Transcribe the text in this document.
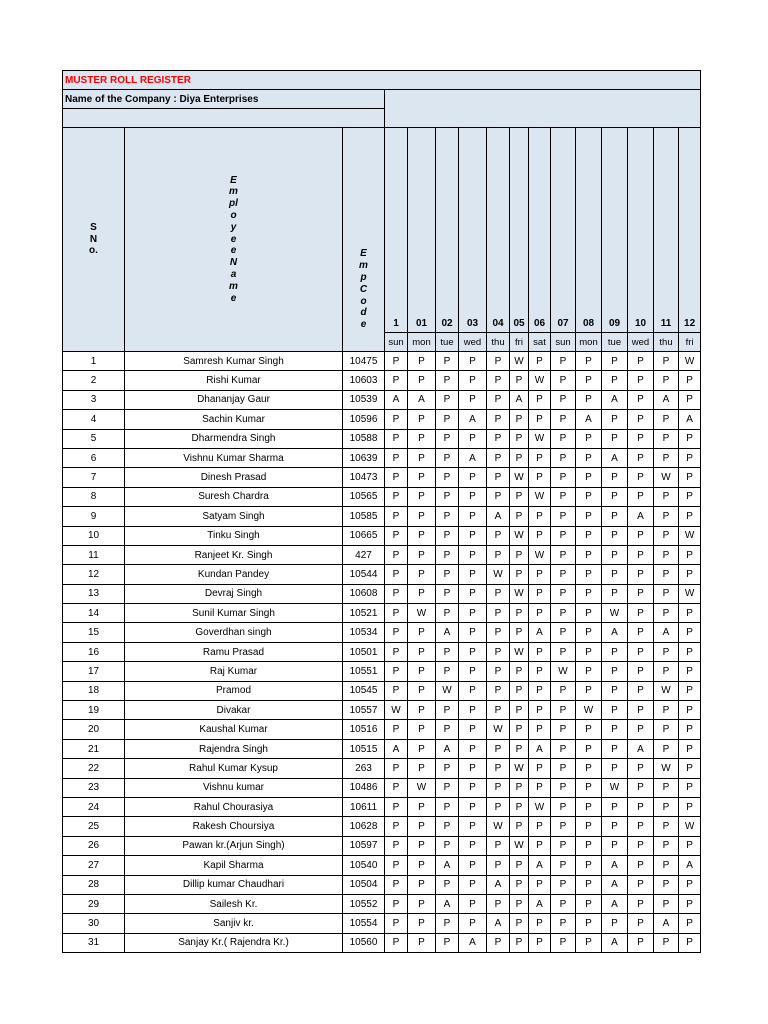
MUSTER ROLL REGISTER															
Name of the Company : Diya Enterprises															

S No.	Employee Name	Emp Code	1	01	02	03	04	05	06	07	08	09	10	11	12
			sun	mon	tue	wed	thu	fri	sat	sun	mon	tue	wed	thu	fri
1	Samresh Kumar Singh	10475	P	P	P	P	P	W	P	P	P	P	P	P	W
2	Rishi Kumar	10603	P	P	P	P	P	P	W	P	P	P	P	P	P
3	Dhananjay Gaur	10539	A	A	P	P	P	A	P	P	P	A	P	A	P
4	Sachin Kumar	10596	P	P	P	A	P	P	P	P	A	P	P	P	A
5	Dharmendra Singh	10588	P	P	P	P	P	P	W	P	P	P	P	P	P
6	Vishnu Kumar Sharma	10639	P	P	P	A	P	P	P	P	P	A	P	P	P
7	Dinesh Prasad	10473	P	P	P	P	P	W	P	P	P	P	P	W	P
8	Suresh Chardra	10565	P	P	P	P	P	P	W	P	P	P	P	P	P
9	Satyam Singh	10585	P	P	P	P	A	P	P	P	P	P	A	P	P
10	Tinku Singh	10665	P	P	P	P	P	W	P	P	P	P	P	P	W
11	Ranjeet Kr. Singh	427	P	P	P	P	P	P	W	P	P	P	P	P	P
12	Kundan Pandey	10544	P	P	P	P	W	P	P	P	P	P	P	P	P
13	Devraj Singh	10608	P	P	P	P	P	W	P	P	P	P	P	P	W
14	Sunil Kumar Singh	10521	P	W	P	P	P	P	P	P	P	W	P	P	P
15	Goverdhan singh	10534	P	P	A	P	P	P	A	P	P	A	P	A	P
16	Ramu Prasad	10501	P	P	P	P	P	W	P	P	P	P	P	P	P
17	Raj Kumar	10551	P	P	P	P	P	P	P	W	P	P	P	P	P
18	Pramod	10545	P	P	W	P	P	P	P	P	P	P	P	W	P
19	Divakar	10557	W	P	P	P	P	P	P	P	W	P	P	P	P
20	Kaushal Kumar	10516	P	P	P	P	W	P	P	P	P	P	P	P	P
21	Rajendra Singh	10515	A	P	A	P	P	P	A	P	P	P	A	P	P
22	Rahul Kumar Kysup	263	P	P	P	P	P	W	P	P	P	P	P	W	P
23	Vishnu kumar	10486	P	W	P	P	P	P	P	P	P	W	P	P	P
24	Rahul Chourasiya	10611	P	P	P	P	P	P	W	P	P	P	P	P	P
25	Rakesh Choursiya	10628	P	P	P	P	W	P	P	P	P	P	P	P	W
26	Pawan kr.(Arjun Singh)	10597	P	P	P	P	P	W	P	P	P	P	P	P	P
27	Kapil Sharma	10540	P	P	A	P	P	P	A	P	P	A	P	P	A
28	Dillip kumar Chaudhari	10504	P	P	P	P	A	P	P	P	P	A	P	P	P
29	Sailesh Kr.	10552	P	P	A	P	P	P	A	P	P	A	P	P	P
30	Sanjiv kr.	10554	P	P	P	P	A	P	P	P	P	P	P	A	P
31	Sanjay Kr.( Rajendra Kr.)	10560	P	P	P	A	P	P	P	P	P	A	P	P	P
